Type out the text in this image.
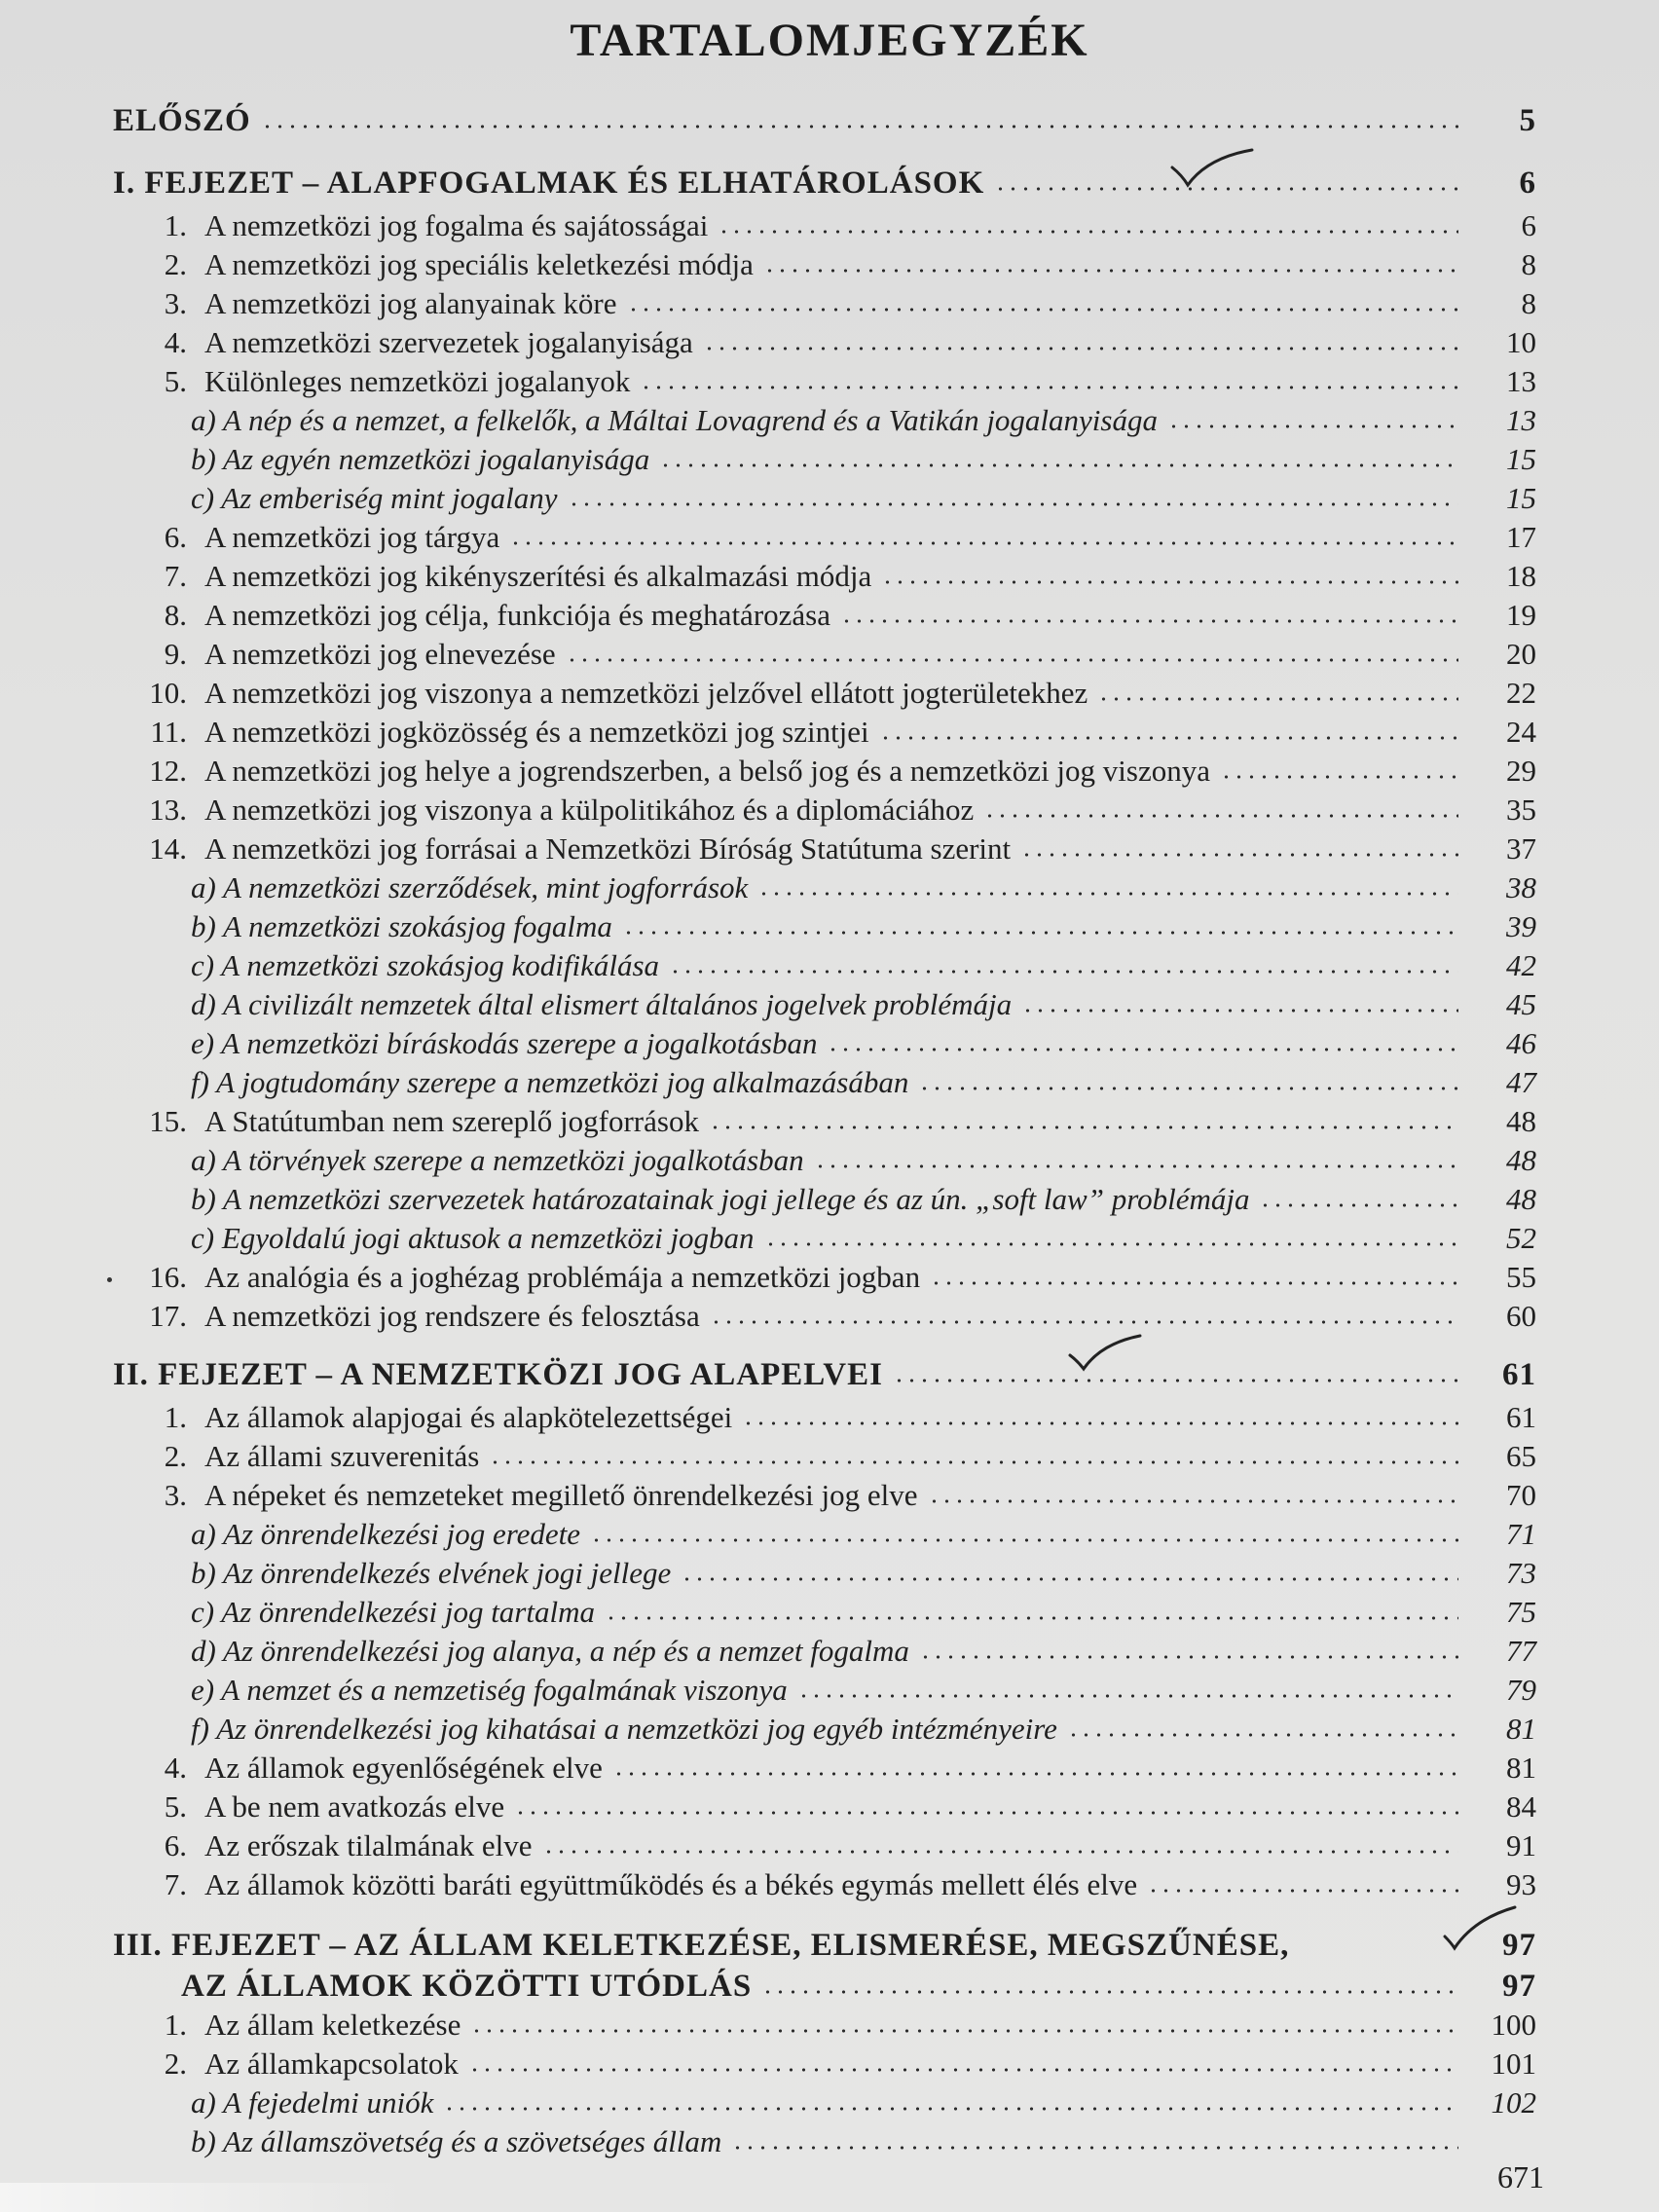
TARTALOMJEGYZÉK
ELŐSZÓ	5
I. FEJEZET – ALAPFOGALMAK ÉS ELHATÁROLÁSOK	6
1. A nemzetközi jog fogalma és sajátosságai	6
2. A nemzetközi jog speciális keletkezési módja	8
3. A nemzetközi jog alanyainak köre	8
4. A nemzetközi szervezetek jogalanyisága	10
5. Különleges nemzetközi jogalanyok	13
a) A nép és a nemzet, a felkelők, a Máltai Lovagrend és a Vatikán jogalanyisága	13
b) Az egyén nemzetközi jogalanyisága	15
c) Az emberiség mint jogalany	15
6. A nemzetközi jog tárgya	17
7. A nemzetközi jog kikényszerítési és alkalmazási módja	18
8. A nemzetközi jog célja, funkciója és meghatározása	19
9. A nemzetközi jog elnevezése	20
10. A nemzetközi jog viszonya a nemzetközi jelzővel ellátott jogterületekhez	22
11. A nemzetközi jogközösség és a nemzetközi jog szintjei	24
12. A nemzetközi jog helye a jogrendszerben, a belső jog és a nemzetközi jog viszonya	29
13. A nemzetközi jog viszonya a külpolitikához és a diplomáciához	35
14. A nemzetközi jog forrásai a Nemzetközi Bíróság Statútuma szerint	37
a) A nemzetközi szerződések, mint jogforrások	38
b) A nemzetközi szokásjog fogalma	39
c) A nemzetközi szokásjog kodifikálása	42
d) A civilizált nemzetek által elismert általános jogelvek problémája	45
e) A nemzetközi bíráskodás szerepe a jogalkotásban	46
f) A jogtudomány szerepe a nemzetközi jog alkalmazásában	47
15. A Statútumban nem szereplő jogforrások	48
a) A törvények szerepe a nemzetközi jogalkotásban	48
b) A nemzetközi szervezetek határozatainak jogi jellege és az ún. „soft law” problémája	48
c) Egyoldalú jogi aktusok a nemzetközi jogban	52
16. Az analógia és a joghézag problémája a nemzetközi jogban	55
17. A nemzetközi jog rendszere és felosztása	60
II. FEJEZET – A NEMZETKÖZI JOG ALAPELVEI	61
1. Az államok alapjogai és alapkötelezettségei	61
2. Az állami szuverenitás	65
3. A népeket és nemzeteket megillető önrendelkezési jog elve	70
a) Az önrendelkezési jog eredete	71
b) Az önrendelkezés elvének jogi jellege	73
c) Az önrendelkezési jog tartalma	75
d) Az önrendelkezési jog alanya, a nép és a nemzet fogalma	77
e) A nemzet és a nemzetiség fogalmának viszonya	79
f) Az önrendelkezési jog kihatásai a nemzetközi jog egyéb intézményeire	81
4. Az államok egyenlőségének elve	81
5. A be nem avatkozás elve	84
6. Az erőszak tilalmának elve	91
7. Az államok közötti baráti együttműködés és a békés egymás mellett élés elve	93
III. FEJEZET – AZ ÁLLAM KELETKEZÉSE, ELISMERÉSE, MEGSZŰNÉSE,	97
AZ ÁLLAMOK KÖZÖTTI UTÓDLÁS	97
1. Az állam keletkezése	100
2. Az államkapcsolatok	101
a) A fejedelmi uniók	102
b) Az államszövetség és a szövetséges állam
671
